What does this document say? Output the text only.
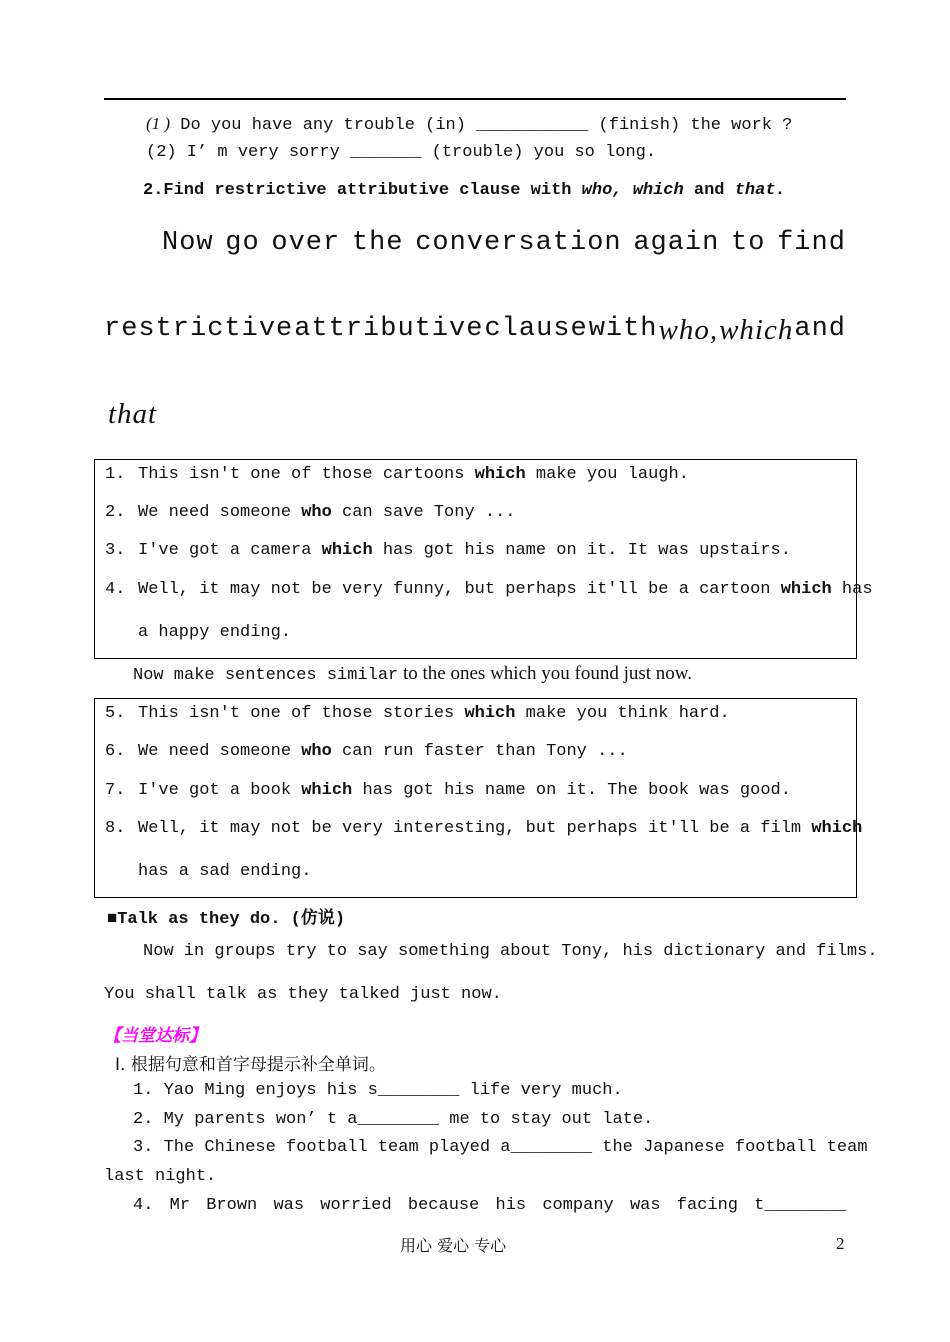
(1 ) Do you have any trouble (in) ___________ (finish) the work ?
(2) I’ m very sorry _______ (trouble) you so long.
2.Find restrictive attributive clause with who, which and that.
Now go over the conversation again to find
restrictive attributive clause with who, which and
that
1. This isn't one of those cartoons which make you laugh.
2. We need someone who can save Tony ...
3. I've got a camera which has got his name on it. It was upstairs.
4. Well, it may not be very funny, but perhaps it'll be a cartoon which has
a happy ending.
Now make sentences similar to the ones which you found just now.
5. This isn't one of those stories which make you think hard.
6. We need someone who can run faster than Tony ...
7. I've got a book which has got his name on it. The book was good.
8. Well, it may not be very interesting, but perhaps it'll be a film which
has a sad ending.
■Talk as they do. (仿说)
Now in groups try to say something about Tony, his dictionary and films.
You shall talk as they talked just now.
【当堂达标】
I. 根据句意和首字母提示补全单词。
1. Yao Ming enjoys his s________ life very much.
2. My parents won’ t a________ me to stay out late.
3. The Chinese football team played a________ the Japanese football team
last night.
4. Mr Brown was worried because his company was facing t________
用心 爱心 专心	2
